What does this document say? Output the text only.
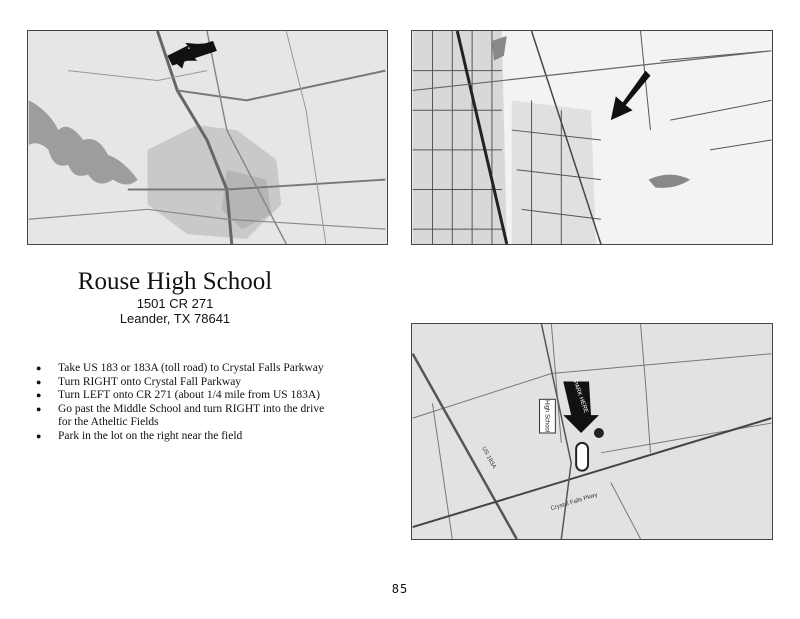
Rouse High School
1501 CR 271
Leander, TX 78641
● Take US 183 or 183A (toll road) to Crystal Falls Parkway
● Turn RIGHT onto Crystal Fall Parkway
● Turn LEFT onto CR 271 (about 1/4 mile from US 183A)
● Go past the Middle School and turn RIGHT into the drive for the Atheltic Fields
● Park in the lot on the right near the field
US 183A
Crystal Falls Pkwy
High School
PARK HERE
85
